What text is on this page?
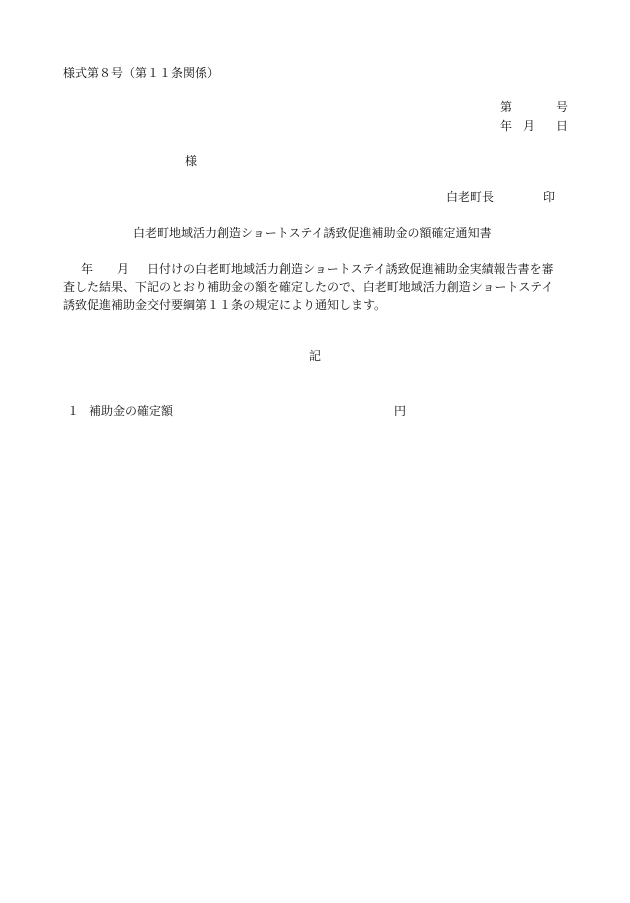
様式第８号（第１１条関係）
第	号
年 月 日
様
白老町長	印
白老町地域活力創造ショートステイ誘致促進補助金の額確定通知書
年 月 日付けの白老町地域活力創造ショートステイ誘致促進補助金実績報告書を審
査した結果、下記のとおり補助金の額を確定したので、白老町地域活力創造ショートステイ
誘致促進補助金交付要綱第１１条の規定により通知します。
記
１ 補助金の確定額	円
